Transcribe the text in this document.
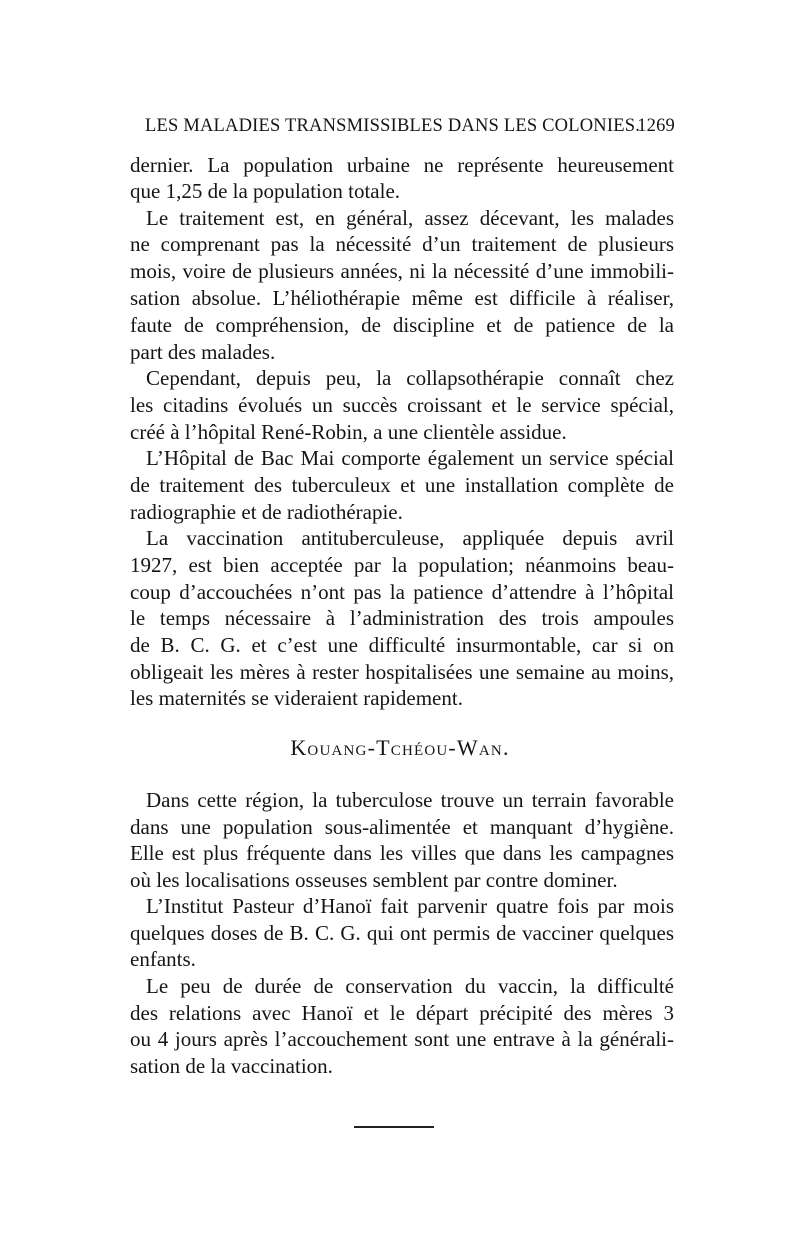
LES MALADIES TRANSMISSIBLES DANS LES COLONIES.
1269
dernier. La population urbaine ne représente heureusement
que 1,25 de la population totale.
Le traitement est, en général, assez décevant, les malades
ne comprenant pas la nécessité d’un traitement de plusieurs
mois, voire de plusieurs années, ni la nécessité d’une immobili-
sation absolue. L’héliothérapie même est difficile à réaliser,
faute de compréhension, de discipline et de patience de la
part des malades.
Cependant, depuis peu, la collapsothérapie connaît chez
les citadins évolués un succès croissant et le service spécial,
créé à l’hôpital René-Robin, a une clientèle assidue.
L’Hôpital de Bac Mai comporte également un service spécial
de traitement des tuberculeux et une installation complète de
radiographie et de radiothérapie.
La vaccination antituberculeuse, appliquée depuis avril
1927, est bien acceptée par la population; néanmoins beau-
coup d’accouchées n’ont pas la patience d’attendre à l’hôpital
le temps nécessaire à l’administration des trois ampoules
de B. C. G. et c’est une difficulté insurmontable, car si on
obligeait les mères à rester hospitalisées une semaine au moins,
les maternités se videraient rapidement.
Kouang-Tchéou-Wan.
Dans cette région, la tuberculose trouve un terrain favorable
dans une population sous-alimentée et manquant d’hygiène.
Elle est plus fréquente dans les villes que dans les campagnes
où les localisations osseuses semblent par contre dominer.
L’Institut Pasteur d’Hanoï fait parvenir quatre fois par mois
quelques doses de B. C. G. qui ont permis de vacciner quelques
enfants.
Le peu de durée de conservation du vaccin, la difficulté
des relations avec Hanoï et le départ précipité des mères 3
ou 4 jours après l’accouchement sont une entrave à la générali-
sation de la vaccination.
